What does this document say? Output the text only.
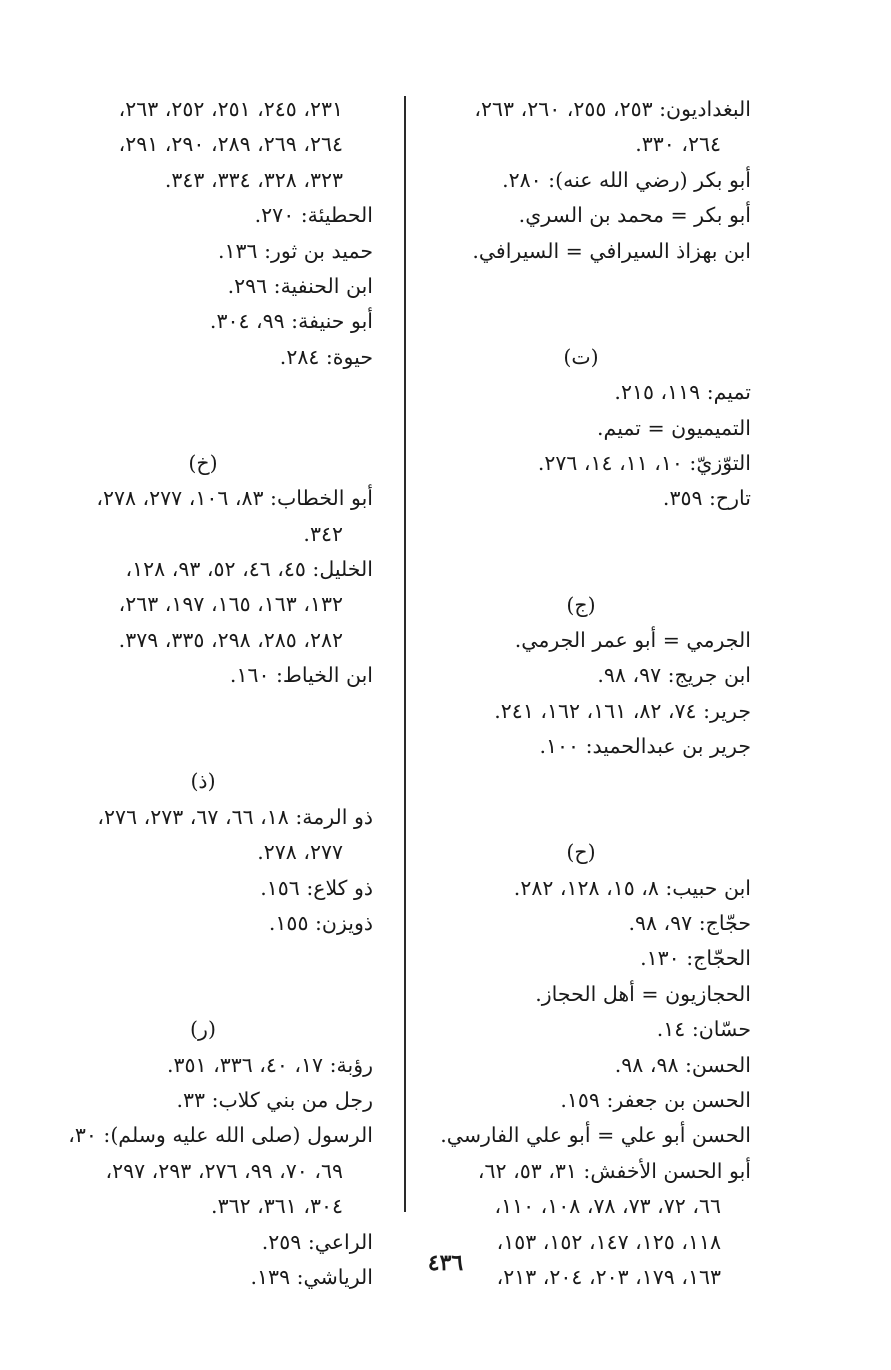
البغداديون: ٢٥٣، ٢٥٥، ٢٦٠، ٢٦٣،
٢٦٤، ٣٣٠.
أبو بكر (رضي الله عنه): ٢٨٠.
أبو بكر = محمد بن السري.
ابن بهزاذ السيرافي = السيرافي.
(ت)
تميم: ١١٩، ٢١٥.
التميميون = تميم.
التوّزيّ: ١٠، ١١، ١٤، ٢٧٦.
تارح: ٣٥٩.
(ج)
الجرمي = أبو عمر الجرمي.
ابن جريج: ٩٧، ٩٨.
جرير: ٧٤، ٨٢، ١٦١، ١٦٢، ٢٤١.
جرير بن عبدالحميد: ١٠٠.
(ح)
ابن حبيب: ٨، ١٥، ١٢٨، ٢٨٢.
حجّاج: ٩٧، ٩٨.
الحجّاج: ١٣٠.
الحجازيون = أهل الحجاز.
حسّان: ١٤.
الحسن: ٩٨، ٩٨.
الحسن بن جعفر: ١٥٩.
الحسن أبو علي = أبو علي الفارسي.
أبو الحسن الأخفش: ٣١، ٥٣، ٦٢،
٦٦، ٧٢، ٧٣، ٧٨، ١٠٨، ١١٠،
١١٨، ١٢٥، ١٤٧، ١٥٢، ١٥٣،
١٦٣، ١٧٩، ٢٠٣، ٢٠٤، ٢١٣،
٢٣١، ٢٤٥، ٢٥١، ٢٥٢، ٢٦٣،
٢٦٤، ٢٦٩، ٢٨٩، ٢٩٠، ٢٩١،
٣٢٣، ٣٢٨، ٣٣٤، ٣٤٣.
الحطيئة: ٢٧٠.
حميد بن ثور: ١٣٦.
ابن الحنفية: ٢٩٦.
أبو حنيفة: ٩٩، ٣٠٤.
حيوة: ٢٨٤.
(خ)
أبو الخطاب: ٨٣، ١٠٦، ٢٧٧، ٢٧٨،
٣٤٢.
الخليل: ٤٥، ٤٦، ٥٢، ٩٣، ١٢٨،
١٣٢، ١٦٣، ١٦٥، ١٩٧، ٢٦٣،
٢٨٢، ٢٨٥، ٢٩٨، ٣٣٥، ٣٧٩.
ابن الخياط: ١٦٠.
(ذ)
ذو الرمة: ١٨، ٦٦، ٦٧، ٢٧٣، ٢٧٦،
٢٧٧، ٢٧٨.
ذو كلاع: ١٥٦.
ذويزن: ١٥٥.
(ر)
رؤبة: ١٧، ٤٠، ٣٣٦، ٣٥١.
رجل من بني كلاب: ٣٣.
الرسول (صلى الله عليه وسلم): ٣٠،
٦٩، ٧٠، ٩٩، ٢٧٦، ٢٩٣، ٢٩٧،
٣٠٤، ٣٦١، ٣٦٢.
الراعي: ٢٥٩.
الرياشي: ١٣٩.
٤٣٦
